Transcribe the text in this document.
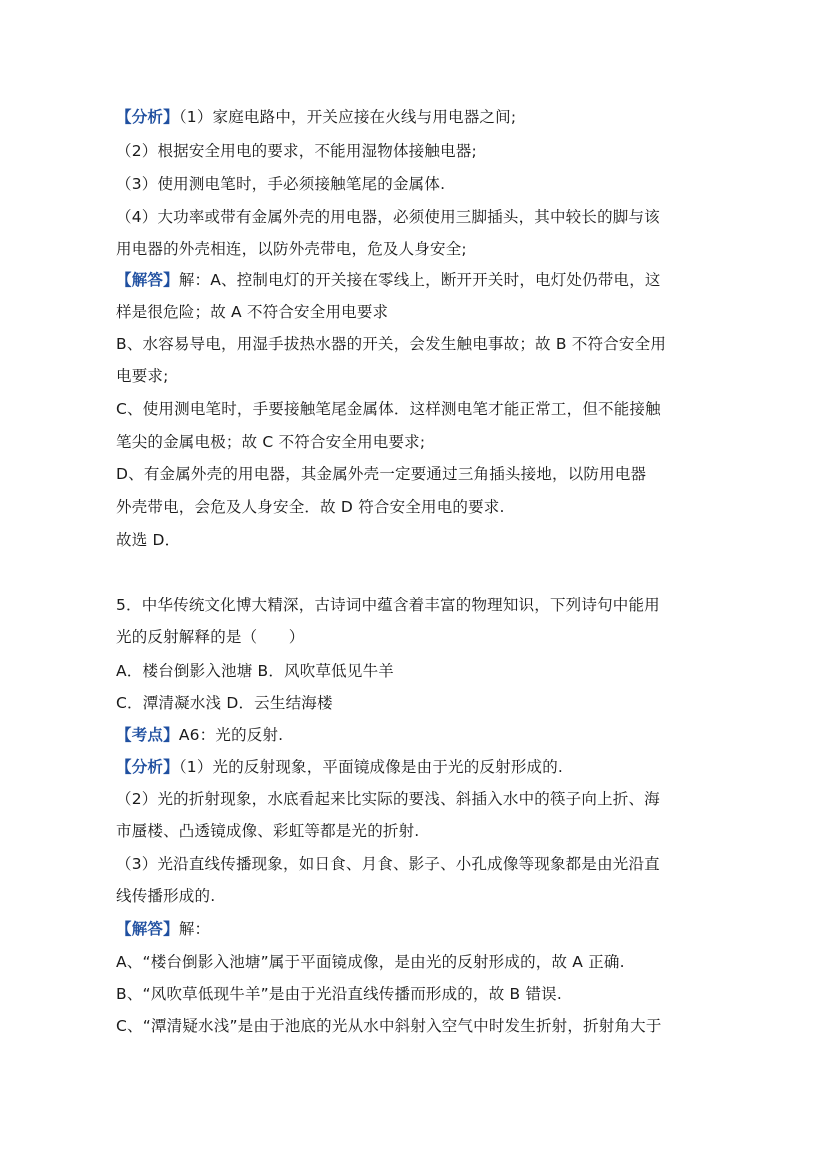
【分析】（1）家庭电路中，开关应接在火线与用电器之间;
（2）根据安全用电的要求，不能用湿物体接触电器;
（3）使用测电笔时，手必须接触笔尾的金属体.
（4）大功率或带有金属外壳的用电器，必须使用三脚插头，其中较长的脚与该
用电器的外壳相连，以防外壳带电，危及人身安全;
【解答】解：A、控制电灯的开关接在零线上，断开开关时，电灯处仍带电，这
样是很危险；故 A 不符合安全用电要求
B、水容易导电，用湿手拔热水器的开关，会发生触电事故；故 B 不符合安全用
电要求;
C、使用测电笔时，手要接触笔尾金属体．这样测电笔才能正常工，但不能接触
笔尖的金属电极；故 C 不符合安全用电要求;
D、有金属外壳的用电器，其金属外壳一定要通过三角插头接地，以防用电器
外壳带电，会危及人身安全．故 D 符合安全用电的要求.
故选 D．
5．中华传统文化博大精深，古诗词中蕴含着丰富的物理知识，下列诗句中能用
光的反射解释的是（　　）
A．楼台倒影入池塘 B．风吹草低见牛羊
C．潭清凝水浅 D．云生结海楼
【考点】A6：光的反射.
【分析】（1）光的反射现象，平面镜成像是由于光的反射形成的.
（2）光的折射现象，水底看起来比实际的要浅、斜插入水中的筷子向上折、海
市蜃楼、凸透镜成像、彩虹等都是光的折射.
（3）光沿直线传播现象，如日食、月食、影子、小孔成像等现象都是由光沿直
线传播形成的.
【解答】解：
A、“楼台倒影入池塘”属于平面镜成像，是由光的反射形成的，故 A 正确.
B、“风吹草低现牛羊”是由于光沿直线传播而形成的，故 B 错误.
C、“潭清疑水浅”是由于池底的光从水中斜射入空气中时发生折射，折射角大于
